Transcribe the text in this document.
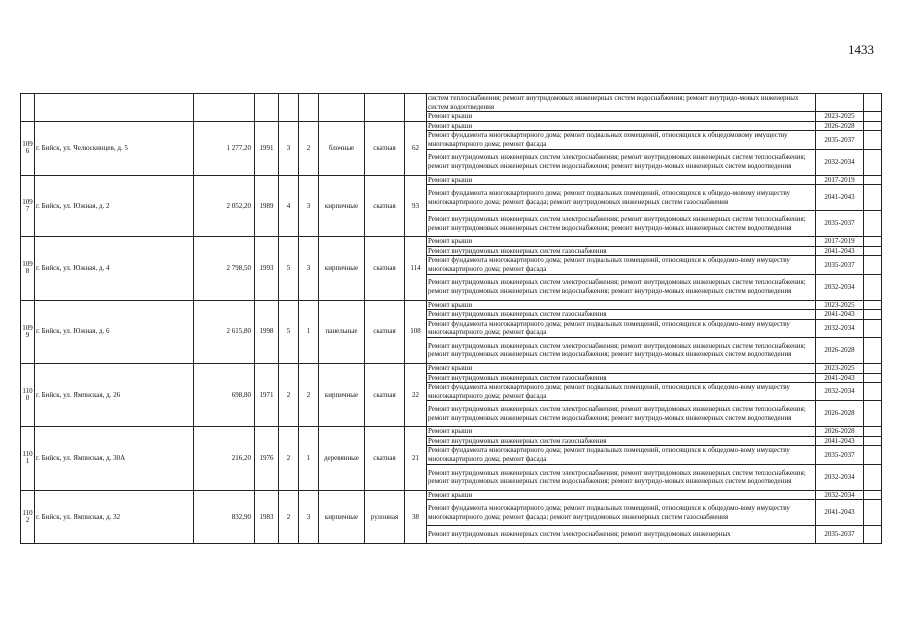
1433
									систем теплоснабжения; ремонт внутридомовых инженерных систем водоснабжения; ремонт внутридо-мовых инженерных систем водоотведения		
									Ремонт крыши	2023-2025	
1096	г. Бийск, ул. Челюскинцев, д. 5	1 277,20	1991	3	2	блочные	скатная	62	Ремонт крыши	2026-2028	
									Ремонт фундамента многоквартирного дома; ремонт подвальных помещений, относящихся к общедомовому имуществу многоквартирного дома; ремонт фасада	2035-2037	
									Ремонт внутридомовых инженерных систем электроснабжения; ремонт внутридомовых инженерных систем теплоснабжения; ремонт внутридомовых инженерных систем водоснабжения; ремонт внутридо-мовых инженерных систем водоотведения	2032-2034	
1097	г. Бийск, ул. Южная, д. 2	2 052,20	1989	4	3	кирпичные	скатная	93	Ремонт крыши	2017-2019	
									Ремонт фундамента многоквартирного дома; ремонт подвальных помещений, относящихся к общедо-мовому имуществу многоквартирного дома; ремонт фасада; ремонт внутридомовых инженерных систем газоснабжения	2041-2043	
									Ремонт внутридомовых инженерных систем электроснабжения; ремонт внутридомовых инженерных систем теплоснабжения; ремонт внутридомовых инженерных систем водоснабжения; ремонт внутридо-мовых инженерных систем водоотведения	2035-2037	
1098	г. Бийск, ул. Южная, д. 4	2 798,50	1993	5	3	кирпичные	скатная	114	Ремонт крыши	2017-2019	
									Ремонт внутридомовых инженерных систем газоснабжения	2041-2043	
									Ремонт фундамента многоквартирного дома; ремонт подвальных помещений, относящихся к общедомо-вому имуществу многоквартирного дома; ремонт фасада	2035-2037	
									Ремонт внутридомовых инженерных систем электроснабжения; ремонт внутридомовых инженерных систем теплоснабжения; ремонт внутридомовых инженерных систем водоснабжения; ремонт внутридо-мовых инженерных систем водоотведения	2032-2034	
1099	г. Бийск, ул. Южная, д. 6	2 615,80	1998	5	1	панельные	скатная	108	Ремонт крыши	2023-2025	
									Ремонт внутридомовых инженерных систем газоснабжения	2041-2043	
									Ремонт фундамента многоквартирного дома; ремонт подвальных помещений, относящихся к общедомо-вому имуществу многоквартирного дома; ремонт фасада	2032-2034	
									Ремонт внутридомовых инженерных систем электроснабжения; ремонт внутридомовых инженерных систем теплоснабжения; ремонт внутридомовых инженерных систем водоснабжения; ремонт внутридо-мовых инженерных систем водоотведения	2026-2028	
1100	г. Бийск, ул. Ямпнская, д. 26	698,80	1971	2	2	кирпичные	скатная	22	Ремонт крыши	2023-2025	
									Ремонт внутридомовых инженерных систем газоснабжения	2041-2043	
									Ремонт фундамента многоквартирного дома; ремонт подвальных помещений, относящихся к общедомо-вому имуществу многоквартирного дома; ремонт фасада	2032-2034	
									Ремонт внутридомовых инженерных систем электроснабжения; ремонт внутридомовых инженерных систем теплоснабжения; ремонт внутридомовых инженерных систем водоснабжения; ремонт внутридо-мовых инженерных систем водоотведения	2026-2028	
1101	г. Бийск, ул. Ямпнская, д. 30А	216,20	1976	2	1	деревянные	скатная	21	Ремонт крыши	2026-2028	
									Ремонт внутридомовых инженерных систем газоснабжения	2041-2043	
									Ремонт фундамента многоквартирного дома; ремонт подвальных помещений, относящихся к общедомо-вому имуществу многоквартирного дома; ремонт фасада	2035-2037	
									Ремонт внутридомовых инженерных систем электроснабжения; ремонт внутридомовых инженерных систем теплоснабжения; ремонт внутридомовых инженерных систем водоснабжения; ремонт внутридо-мовых инженерных систем водоотведения	2032-2034	
1102	г. Бийск, ул. Ямпнская, д. 32	832,90	1983	2	3	кирпичные	рулонная	38	Ремонт крыши	2032-2034	
									Ремонт фундамента многоквартирного дома; ремонт подвальных помещений, относящихся к общедомо-вому имуществу многоквартирного дома; ремонт фасада; ремонт внутридомовых инженерных систем газоснабжения	2041-2043	
									Ремонт внутридомовых инженерных систем электроснабжения; ремонт внутридомовых инженерных	2035-2037	
